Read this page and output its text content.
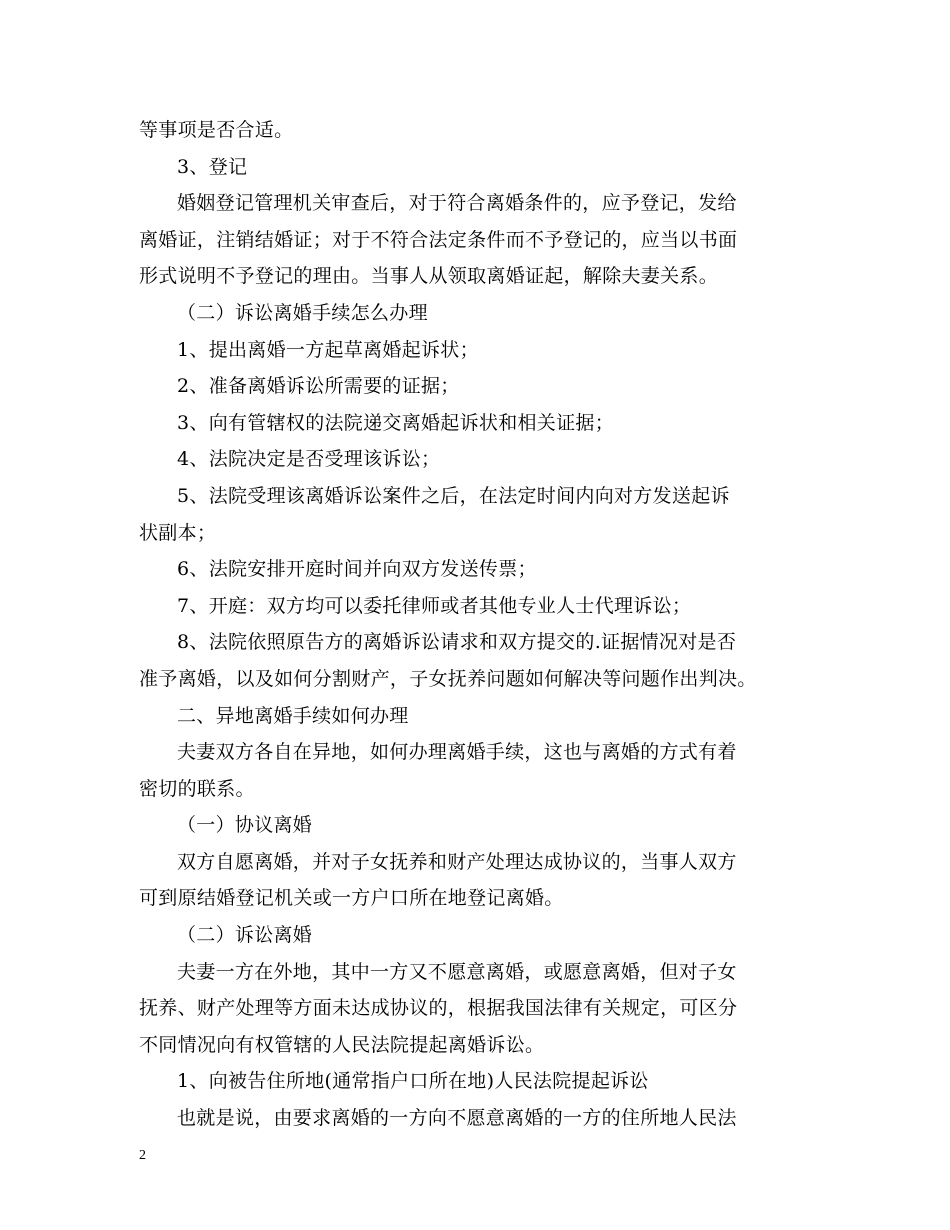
等事项是否合适。
3、登记
婚姻登记管理机关审查后，对于符合离婚条件的，应予登记，发给
离婚证，注销结婚证；对于不符合法定条件而不予登记的，应当以书面
形式说明不予登记的理由。当事人从领取离婚证起，解除夫妻关系。
（二）诉讼离婚手续怎么办理
1、提出离婚一方起草离婚起诉状；
2、准备离婚诉讼所需要的证据；
3、向有管辖权的法院递交离婚起诉状和相关证据；
4、法院决定是否受理该诉讼；
5、法院受理该离婚诉讼案件之后，在法定时间内向对方发送起诉
状副本；
6、法院安排开庭时间并向双方发送传票；
7、开庭：双方均可以委托律师或者其他专业人士代理诉讼；
8、法院依照原告方的离婚诉讼请求和双方提交的.证据情况对是否
准予离婚，以及如何分割财产，子女抚养问题如何解决等问题作出判决。
二、异地离婚手续如何办理
夫妻双方各自在异地，如何办理离婚手续，这也与离婚的方式有着
密切的联系。
（一）协议离婚
双方自愿离婚，并对子女抚养和财产处理达成协议的，当事人双方
可到原结婚登记机关或一方户口所在地登记离婚。
（二）诉讼离婚
夫妻一方在外地，其中一方又不愿意离婚，或愿意离婚，但对子女
抚养、财产处理等方面未达成协议的，根据我国法律有关规定，可区分
不同情况向有权管辖的人民法院提起离婚诉讼。
1、向被告住所地(通常指户口所在地)人民法院提起诉讼
也就是说，由要求离婚的一方向不愿意离婚的一方的住所地人民法
2
